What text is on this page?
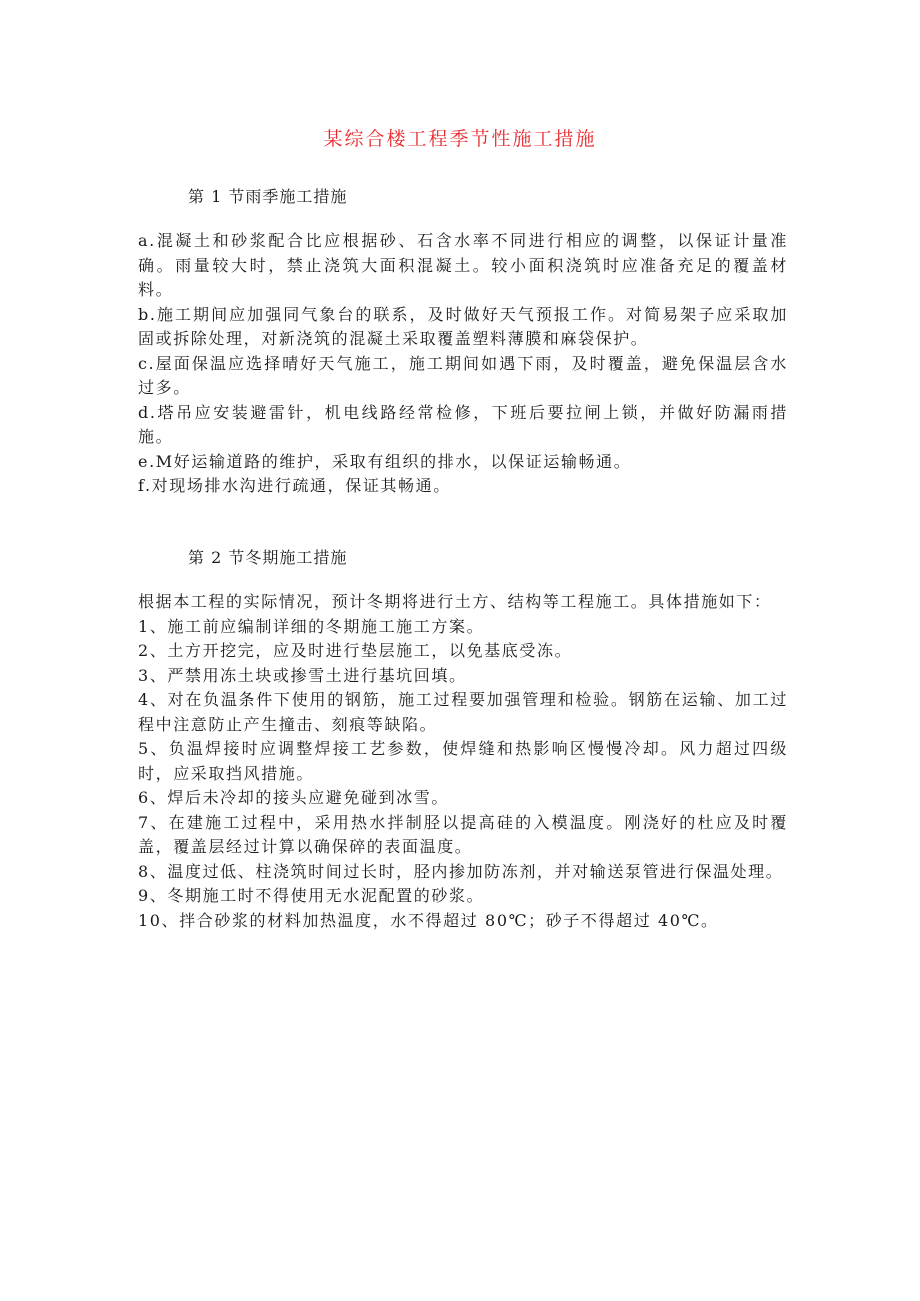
某综合楼工程季节性施工措施
第 1 节雨季施工措施
a.混凝土和砂浆配合比应根据砂、石含水率不同进行相应的调整，以保证计量准确。雨量较大时，禁止浇筑大面积混凝土。较小面积浇筑时应准备充足的覆盖材料。
b.施工期间应加强同气象台的联系，及时做好天气预报工作。对简易架子应采取加固或拆除处理，对新浇筑的混凝土采取覆盖塑料薄膜和麻袋保护。
c.屋面保温应选择晴好天气施工，施工期间如遇下雨，及时覆盖，避免保温层含水过多。
d.塔吊应安装避雷针，机电线路经常检修，下班后要拉闸上锁，并做好防漏雨措施。
e.M好运输道路的维护，采取有组织的排水，以保证运输畅通。
f.对现场排水沟进行疏通，保证其畅通。
第 2 节冬期施工措施
根据本工程的实际情况，预计冬期将进行土方、结构等工程施工。具体措施如下：
1、施工前应编制详细的冬期施工施工方案。
2、土方开挖完，应及时进行垫层施工，以免基底受冻。
3、严禁用冻土块或掺雪土进行基坑回填。
4、对在负温条件下使用的钢筋，施工过程要加强管理和检验。钢筋在运输、加工过程中注意防止产生撞击、刻痕等缺陷。
5、负温焊接时应调整焊接工艺参数，使焊缝和热影响区慢慢冷却。风力超过四级时，应采取挡风措施。
6、焊后未冷却的接头应避免碰到冰雪。
7、在建施工过程中，采用热水拌制胫以提高硅的入模温度。刚浇好的杜应及时覆盖，覆盖层经过计算以确保碎的表面温度。
8、温度过低、柱浇筑时间过长时，胫内掺加防冻剂，并对输送泵管进行保温处理。
9、冬期施工时不得使用无水泥配置的砂浆。
10、拌合砂浆的材料加热温度，水不得超过 80℃；砂子不得超过 40℃。
